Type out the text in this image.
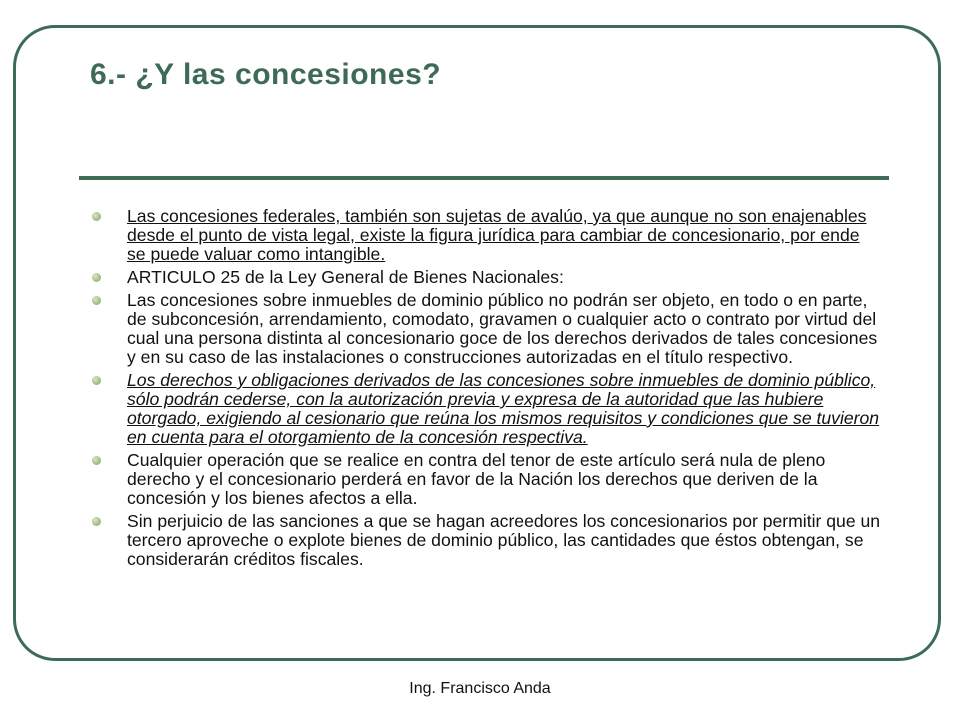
6.- ¿Y las concesiones?
Las concesiones federales, también son sujetas de avalúo, ya que aunque no son enajenables desde el punto de vista legal, existe la figura jurídica para cambiar de concesionario, por ende se puede valuar como intangible.
ARTICULO 25 de la Ley General de Bienes Nacionales:
Las concesiones sobre inmuebles de dominio público no podrán ser objeto, en todo o en parte, de subconcesión, arrendamiento, comodato, gravamen o cualquier acto o contrato por virtud del cual una persona distinta al concesionario goce de los derechos derivados de tales concesiones y en su caso de las instalaciones o construcciones autorizadas en el título respectivo.
Los derechos y obligaciones derivados de las concesiones sobre inmuebles de dominio público, sólo podrán cederse, con la autorización previa y expresa de la autoridad que las hubiere otorgado, exigiendo al cesionario que reúna los mismos requisitos y condiciones que se tuvieron en cuenta para el otorgamiento de la concesión respectiva.
Cualquier operación que se realice en contra del tenor de este artículo será nula de pleno derecho y el concesionario perderá en favor de la Nación los derechos que deriven de la concesión y los bienes afectos a ella.
Sin perjuicio de las sanciones a que se hagan acreedores los concesionarios por permitir que un tercero aproveche o explote bienes de dominio público, las cantidades que éstos obtengan, se considerarán créditos fiscales.
Ing. Francisco Anda
